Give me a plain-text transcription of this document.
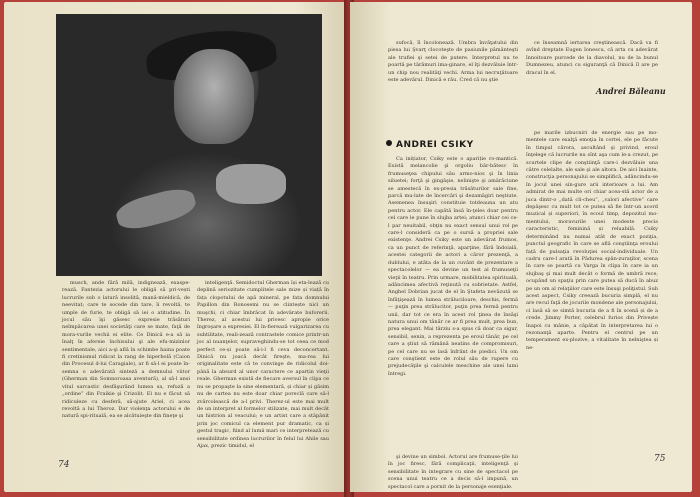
musch, ande fără milă, indignează, exaspe-rează. Fantezia actorului le obligă să pri-vești lucrurile sub o latură insolită, mană-mieldică, de neevitat; care te socede din tare, îi revoltă, te umple de furie, te obligă să iei o atitudine. În jocul său îşi găsesc expresie trăsături neîmpăcarea unei societăţi care se mate, faţă de mora-vurile vechii ei elite. Ce Dinică e-a să ia înalţ în afereie închisului şi ale efu-mizinlor sentimentale, aici a-şi află în schimbe haina poate fi cretinismul ridicat la rang de hiperbolă (Caion din Procesul d-lui Caragiale), ar fi să-l ei poate în-semna o adevărată sinteză a demnului viitor (Gherman din Somnoroasa aventură), al să-l ansi vitul sarcastic desfăşurând lumea sa, refuză a „ordine” din Fraikie şi Crizolit. El nu e făcut să ridiculeze cu desferă, să-ajute Ariel, ci acea revoltă a lui Theroz. Dar violenţa actorului e de natură spi-rituală, ea se alcătuieşte din fineţe şi

inteligenţă. Semidoctul Gherman își eta-lează cu deplină seriozitate cumplitele sale mize și viață în fața clopotului de apă mineral, pe fata domnului Papillon din Ronosemi nu se clintește nici un muşchi, ci chiar îmbrăcat în adevărate buforerii. Therez, al acestui lui privesc apropie orice îngroşare a expresiei. El în-fierează vulgarizarea cu subtilitate, reali-zează contrastele comice printr-un joc al nuanţelor, supraveghindu-se tot ceea ce mod perfect ce-și poate să-i-l fi ceva deconcertant. Dinică nu joacă decât fireşte, ma-rea lui originalitate este că te convinge de ridicolul doi-până la absurd al unor caractere ce aparțin vieţii reale. Gherman există de fiecare aversul în clipa ce nu se propaşte la sine elementară, și chiar și găsim nu de cartea nu este doar chiar poreclă care să-l zvârcolească de a-l privi. Therez-ul este mai mult de un interpret al formelor stilizate, mai mult decât un histrion al veacului; e un artist care a stăpânit prin joc comicul ca element pur dramatic, ca și gestul tragic, fiind al lumii mari ce interpretează cu sensibilitate ordinea lucrurilor în felul lui Ahile sau Ajax, prezic timidul, el

74

sufocă, îl încolonează. Umbra învăţatului din piesa lui Şvarţ clocoteşte de pasiunile pământeşti ale trufiei şi setei de putere. Interpretul nu te poartă pe tărâmuri ima-ginare, el îţi dezvăluie într-un chip nou realităţi vechi. Arma lui necruţătoare este adevărul. Dinică e râu. Cred că nu ştie

ce înseamnă iertarea creştinească. Dacă va fi avînd dreptate Eugen Ionescu, că arta cu adevărat înnoitoare purcede de la diavolul, nu de la bunul Dumnezeu, atunci cu siguranţă că Dinică îl are pe dracul în el.

Andrei Băleanu
ANDREI CSIKY

Ca inițiator, Csiky este o apariție ro-mantică. Există melancolie şi orgoliu băr-bătesc în frumuseţea chipului său armo-nios şi în linia siluetei; forţă şi gingăşie, nelinişte şi amărăciune se amestecă în ex-presia trăsăturilor sale fine, parcă mu-late de încercări şi dezamăgiri neştiute. Asemenea însuşiri constituie totdeauna un atu pentru actor. Ele capătă însă în-ţeles doar pentru cel care le pune în slujba artei; atunci chiar cei ce-l par neuitabil, obţin nu exact sensul unui rol pe care-l consideră ca pe o sursă a propriei sale existenţe. Andrei Csiky este un adevărat frumos, ca un punct de referinţă, aparţine, fără îndoială, acestei categorii de actori a căror prezenţă, a dublului, e atâta de la un cuvânt de prezentare a spectacolelor — ea devine un test al frumuseţii vieţii în teatru. Prin urmare, mobilitatea spirituală, adâncimea afectivă reţinută cu sobrietate. Astfel, Anghel Dobrian jucat de el în Ştafeta nevăzută se înfăţişează în lumea străluciloare, deschis, fermă — puţin prea strălucitor, puţin prea fermă pentru unii, dar tot ce era în acest rol ţinea de însăşi natura unui om tânăr ce ar fi prea mult, prea bun, prea elegant. Mai târziu s-a spus că doar ca sigur, sensibil, senin, a reprezenta pe eroul tânăr, pe cel care a ştiut să rămână neatins de compromisuri, pe cel care nu se lasă înfrânt de piedici. Un om care conştient este de rolul său de rupere cu prejudecăţile şi calculele meschine ale unei lumi întregi.

pe marile izbucniri de energie sau pe mo-mentele care exalţă emoţia în cortei, ele pe făcute în timpul cărora, ascultând şi privind, eroul înţelege că lucrurile nu sînt aşa cum le-a crezut, pe scurtele clipe de conştiinţă care-i dezvăluie una către celelalte, ale sale şi ale altora. De aici înainte, construcţia personajului se simplifică, adâncindu-se în jocul unei sin-gure arii interioare a lui. Am admirat de mai multe ori chiar acea-stă actor de a juca dintr-o „dată cli-cheu”, „valori afective” care depăşesc cu mult tot ce putea să fie într-un acord muzical și superiori, în ecoul timp, depozitul mo-mentului, moravurile unei modeste precis caracteristic, feminină și reluabilă. Csiky determinând nu numai atât de exact poziţia, punctul geografic în care se află conştiinţa eroului față de pulsaţia revoluţiei social-individuale. Un cadru care-l arată în Pădurea spân-zuraţilor, scena în care se poartă cu Varga în clipa în care ia un slujbaş şi mai mult decât o formă de umbră rece, ocupând un spaţiu prin care putea să ducă în abuz pe un om al relaţiilor care este însuşi poliţistul. Sub acest aspect, Csiky creează bucuria simplă, el nu are recul faţă de jocurile mondene ale personajului, ci lasă să se simtă bucuria de a fi în scenă și de a crede. Jimmy Porter, celebrul furios din Privește înapoi cu mânie, a căpătat în interpretarea lui o rezonanţă aparte. Pentru el centrul pe un temperament ex-plozive, a vitalitate în nelniştea și ne-

şi devine un simbol. Actorul are frumuse-ţile lui în joc firesc, fără complicaţii, inteligenţă şi sensibilitate în integrare cu sine de spectacol pe scena unui teatru ce a decis să-l impună, un spectacol care a pornit de la personaje esenţiale.

75
